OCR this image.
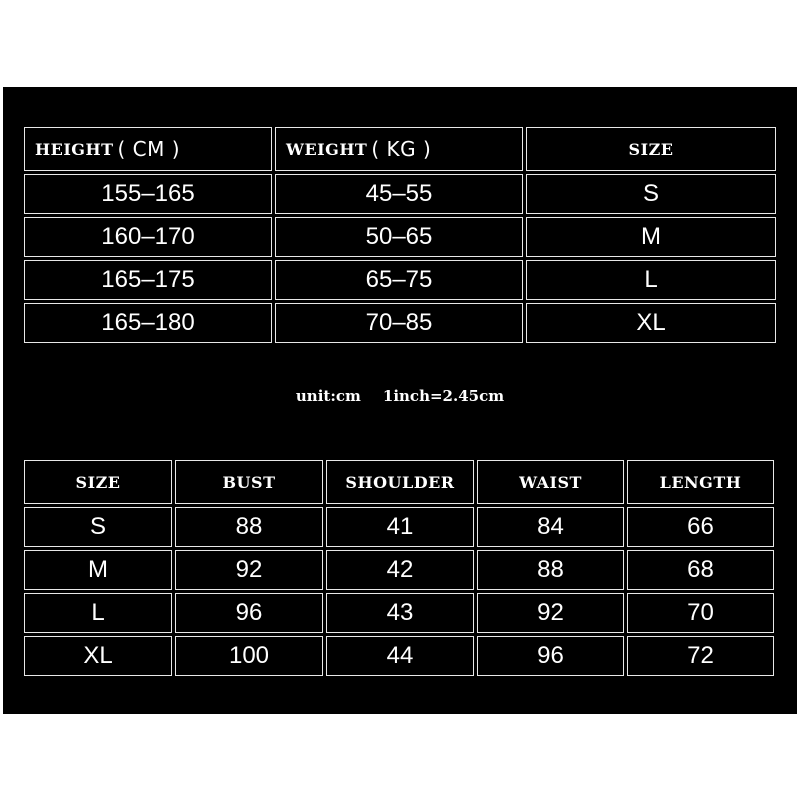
HEIGHT ( CM )	WEIGHT ( KG )	SIZE
155–165	45–55	S
160–170	50–65	M
165–175	65–75	L
165–180	70–85	XL
unit:cm 1inch=2.45cm
SIZE	BUST	SHOULDER	WAIST	LENGTH
S	88	41	84	66
M	92	42	88	68
L	96	43	92	70
XL	100	44	96	72
